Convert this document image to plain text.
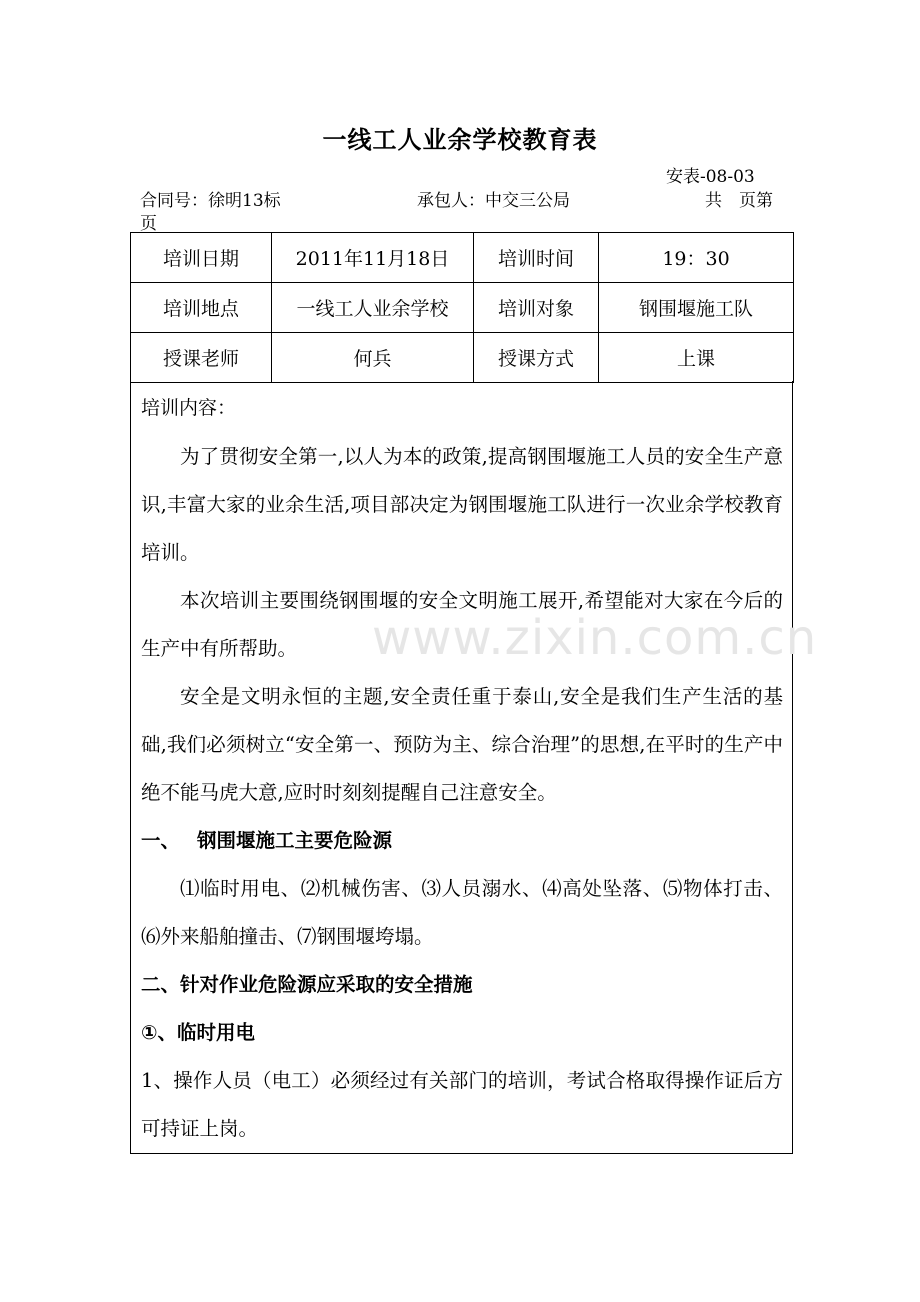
一线工人业余学校教育表
安表-08-03
合同号：徐明13标	承包人：中交三公局	共　页第
页
培训日期	2011年11月18日	培训时间	19：30
培训地点	一线工人业余学校	培训对象	钢围堰施工队
授课老师	何兵	授课方式	上课
培训内容：

为了贯彻安全第一,以人为本的政策,提高钢围堰施工人员的安全生产意识,丰富大家的业余生活,项目部决定为钢围堰施工队进行一次业余学校教育培训。

本次培训主要围绕钢围堰的安全文明施工展开,希望能对大家在今后的生产中有所帮助。

安全是文明永恒的主题,安全责任重于泰山,安全是我们生产生活的基础,我们必须树立“安全第一、预防为主、综合治理”的思想,在平时的生产中绝不能马虎大意,应时时刻刻提醒自己注意安全。

一、 钢围堰施工主要危险源

⑴临时用电、⑵机械伤害、⑶人员溺水、⑷高处坠落、⑸物体打击、⑹外来船舶撞击、⑺钢围堰垮塌。

二、针对作业危险源应采取的安全措施

①、临时用电

1、操作人员（电工）必须经过有关部门的培训，考试合格取得操作证后方可持证上岗。

www.zixin.com.cn
